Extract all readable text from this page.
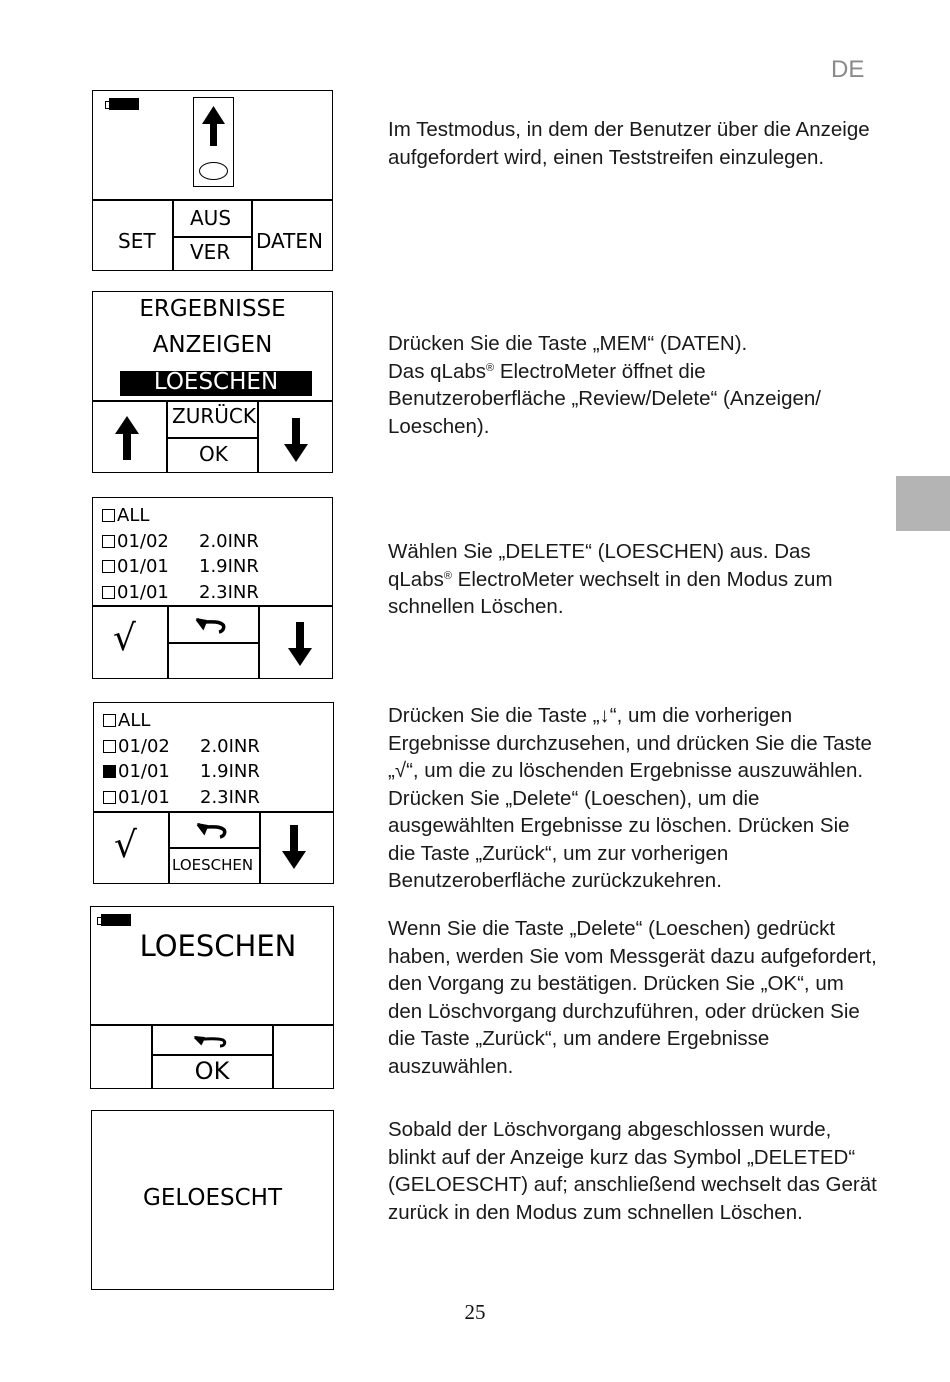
DE
25
SET
AUS
VER DATEN
ERGEBNISSE
ANZEIGEN
LOESCHEN
ZURÜCK
OK
ALL
01/02 2.0INR
01/01 1.9INR
01/01 2.3INR
√
ALL
01/02 2.0INR
01/01 1.9INR
01/01 2.3INR
√ LOESCHEN
LOESCHEN
OK
GELOESCHT

Im Testmodus, in dem der Benutzer über die Anzeige aufgefordert wird, einen Teststreifen einzulegen.

Drücken Sie die Taste „MEM“ (DATEN).

Das qLabs® ElectroMeter öffnet die Benutzeroberfläche „Review/Delete“ (Anzeigen/ Loeschen).

Wählen Sie „DELETE“ (LOESCHEN) aus. Das qLabs® ElectroMeter wechselt in den Modus zum schnellen Löschen.

Drücken Sie die Taste „↓“, um die vorherigen Ergebnisse durchzusehen, und drücken Sie die Taste „√“, um die zu löschenden Ergebnisse auszuwählen. Drücken Sie „Delete“ (Loeschen), um die ausgewählten Ergebnisse zu löschen. Drücken Sie die Taste „Zurück“, um zur vorherigen Benutzeroberfläche zurückzukehren.

Wenn Sie die Taste „Delete“ (Loeschen) gedrückt haben, werden Sie vom Messgerät dazu aufgefordert, den Vorgang zu bestätigen. Drücken Sie „OK“, um den Löschvorgang durchzuführen, oder drücken Sie die Taste „Zurück“, um andere Ergebnisse auszuwählen.

Sobald der Löschvorgang abgeschlossen wurde, blinkt auf der Anzeige kurz das Symbol „DELETED“ (GELOESCHT) auf; anschließend wechselt das Gerät zurück in den Modus zum schnellen Löschen.
